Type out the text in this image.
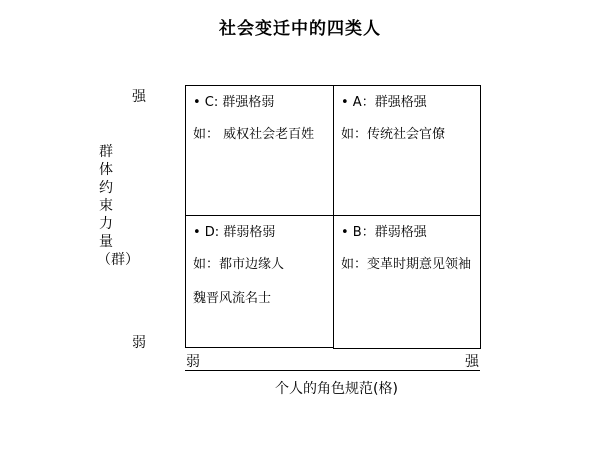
社会变迁中的四类人
群体约束力量（群）
强
弱
• C: 群强格弱
如： 威权社会老百姓
• A：群强格强
如：传统社会官僚
• D: 群弱格弱
如：都市边缘人
魏晋风流名士
• B：群弱格强
如：变革时期意见领袖
弱	强
个人的角色规范(格)
